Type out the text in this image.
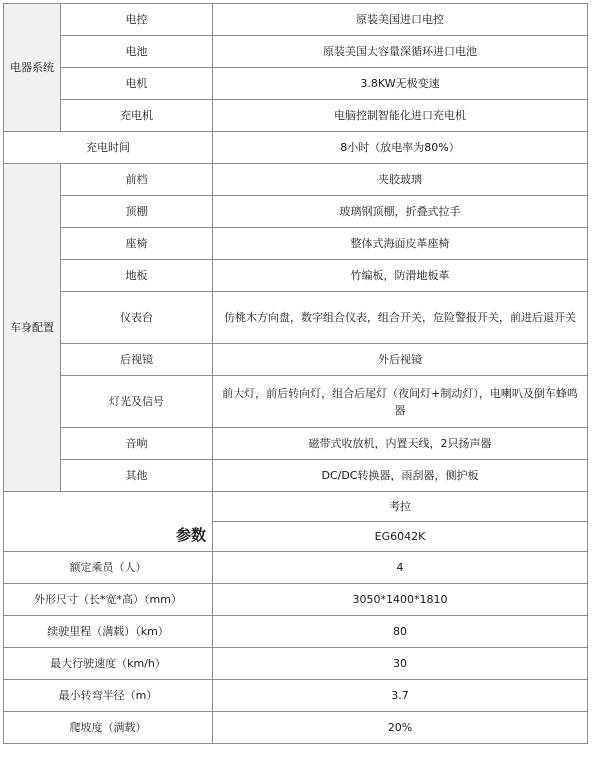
电器系统	电控	原装美国进口电控
	电池	原装美国大容量深循环进口电池
	电机	3.8KW无极变速
	充电机	电脑控制智能化进口充电机
充电时间		8小时（放电率为80%）
车身配置	前档	夹胶玻璃
	顶棚	玻璃钢顶棚，折叠式拉手
	座椅	整体式海面皮革座椅
	地板	竹编板，防滑地板革
	仪表台	仿桃木方向盘，数字组合仪表，组合开关，危险警报开关，前进后退开关
	后视镜	外后视镜
	灯光及信号	前大灯，前后转向灯，组合后尾灯（夜间灯+制动灯），电喇叭及倒车蜂鸣器
	音响	磁带式收放机，内置天线，2只扬声器
	其他	DC/DC转换器，雨刮器，侧护板
参数		考拉
		EG6042K
额定乘员（人）		4
外形尺寸（长*宽*高）（mm）		3050*1400*1810
续驶里程（满载）（km）		80
最大行驶速度（km/h）		30
最小转弯半径（m）		3.7
爬坡度（满载）		20%
